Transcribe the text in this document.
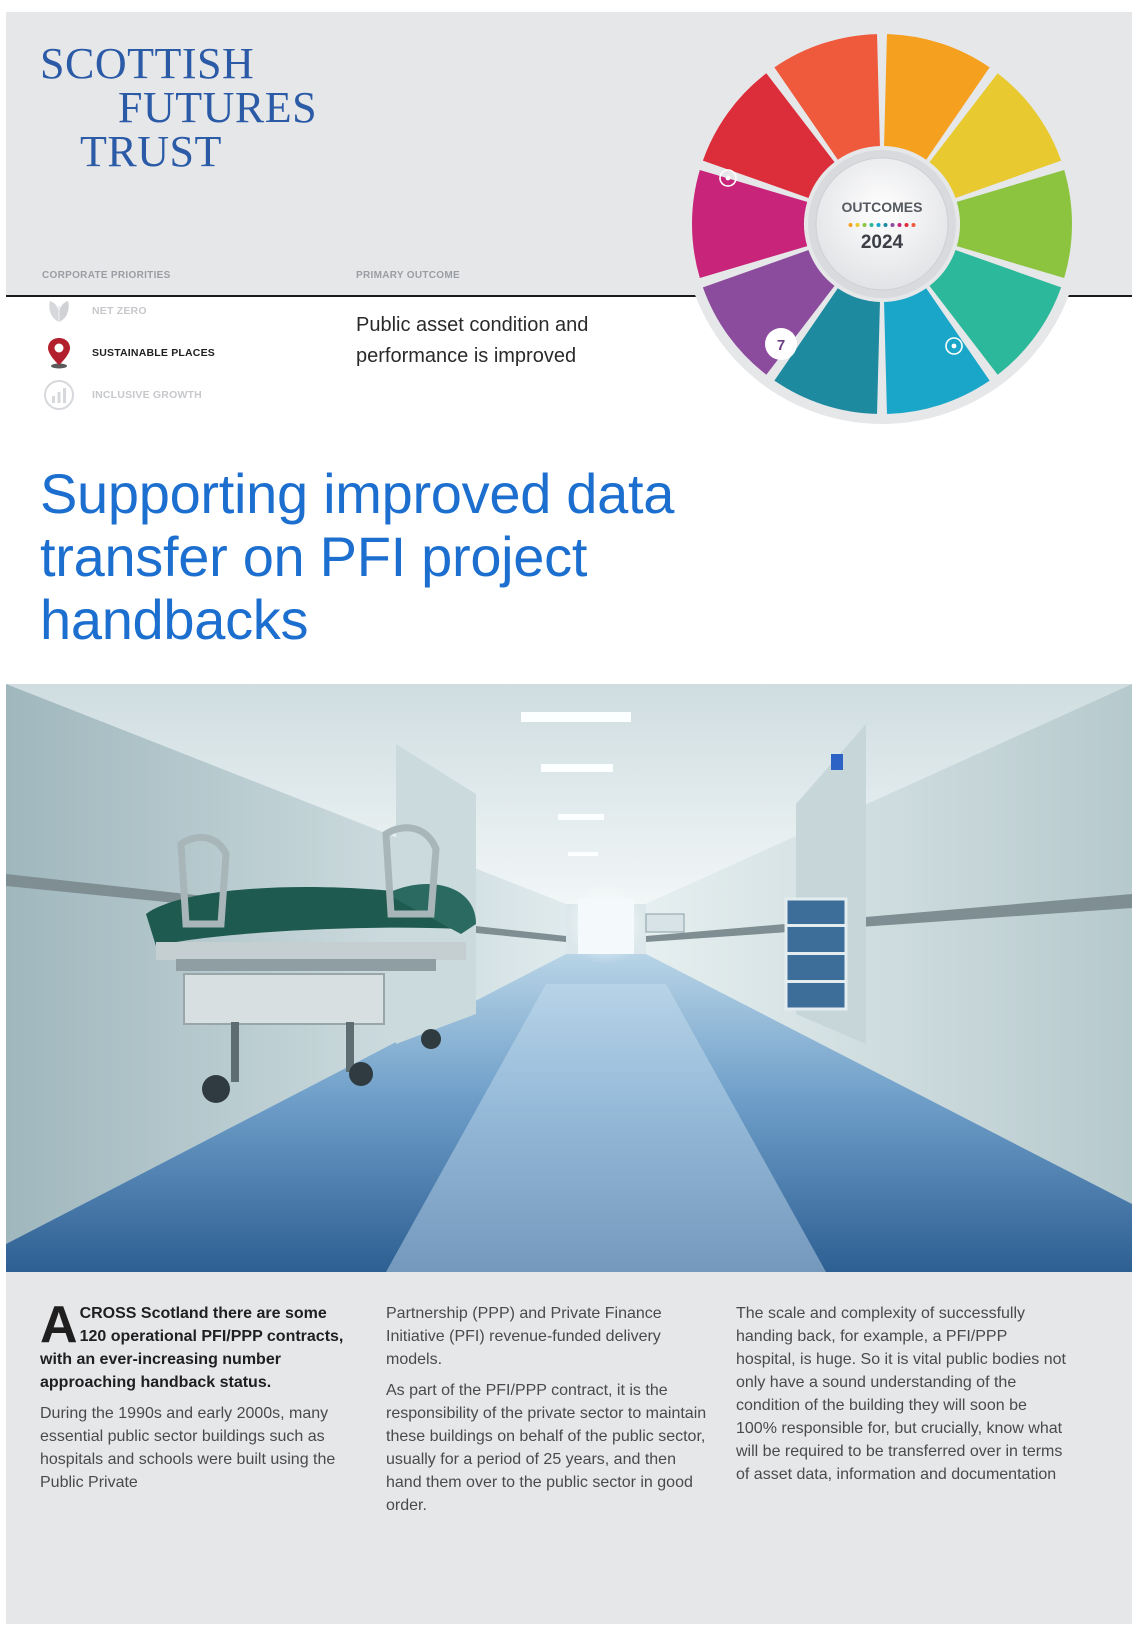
SCOTTISH
FUTURES
TRUST
CORPORATE PRIORITIES	PRIMARY OUTCOME
NET ZERO
SUSTAINABLE PLACES
INCLUSIVE GROWTH
Public asset condition and performance is improved
OUTCOMES
2024
7
Supporting improved data transfer on PFI project handbacks

ACROSS Scotland there are some 120 operational PFI/PPP contracts, with an ever-increasing number approaching handback status.

During the 1990s and early 2000s, many essential public sector buildings such as hospitals and schools were built using the Public Private

Partnership (PPP) and Private Finance Initiative (PFI) revenue-funded delivery models.

As part of the PFI/PPP contract, it is the responsibility of the private sector to maintain these buildings on behalf of the public sector, usually for a period of 25 years, and then hand them over to the public sector in good order.

The scale and complexity of successfully handing back, for example, a PFI/PPP hospital, is huge. So it is vital public bodies not only have a sound understanding of the condition of the building they will soon be 100% responsible for, but crucially, know what will be required to be transferred over in terms of asset data, information and documentation
